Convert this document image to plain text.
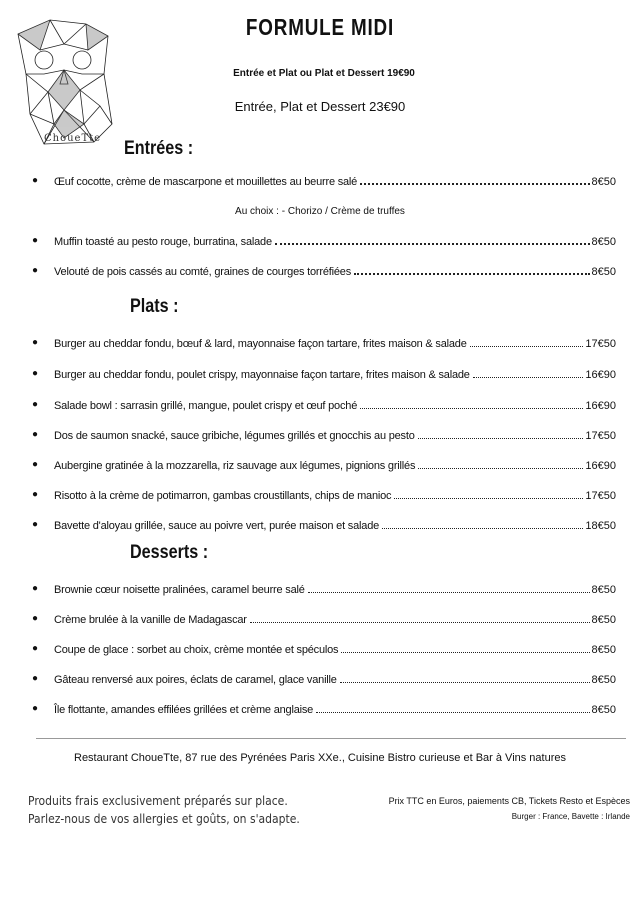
ChoueTte
FORMULE MIDI
Entrée et Plat ou Plat et Dessert 19€90
Entrée, Plat et Dessert 23€90
Entrées :
●	Œuf cocotte, crème de mascarpone et mouillettes au beurre salé	8€50
Au choix : - Chorizo / Crème de truffes
●	Muffin toasté au pesto rouge, burratina, salade	8€50
●	Velouté de pois cassés au comté, graines de courges torréfiées	8€50
Plats :
●	Burger au cheddar fondu, bœuf & lard, mayonnaise façon tartare, frites maison & salade	17€50
●	Burger au cheddar fondu, poulet crispy, mayonnaise façon tartare, frites maison & salade	16€90
●	Salade bowl : sarrasin grillé, mangue, poulet crispy et œuf poché	16€90
●	Dos de saumon snacké, sauce gribiche, légumes grillés et gnocchis au pesto	17€50
●	Aubergine gratinée à la mozzarella, riz sauvage aux légumes, pignions grillés	16€90
●	Risotto à la crème de potimarron, gambas croustillants, chips de manioc	17€50
●	Bavette d'aloyau grillée, sauce au poivre vert, purée maison et salade	18€50
Desserts :
●	Brownie cœur noisette pralinées, caramel beurre salé	8€50
●	Crème brulée à la vanille de Madagascar	8€50
●	Coupe de glace : sorbet au choix, crème montée et spéculos	8€50
●	Gâteau renversé aux poires, éclats de caramel, glace vanille	8€50
●	Île flottante, amandes effilées grillées et crème anglaise	8€50
Restaurant ChoueTte, 87 rue des Pyrénées Paris XXe., Cuisine Bistro curieuse et Bar à Vins natures
Produits frais exclusivement préparés sur place.
Parlez-nous de vos allergies et goûts, on s'adapte.
Prix TTC en Euros, paiements CB, Tickets Resto et Espèces
Burger : France, Bavette : Irlande
